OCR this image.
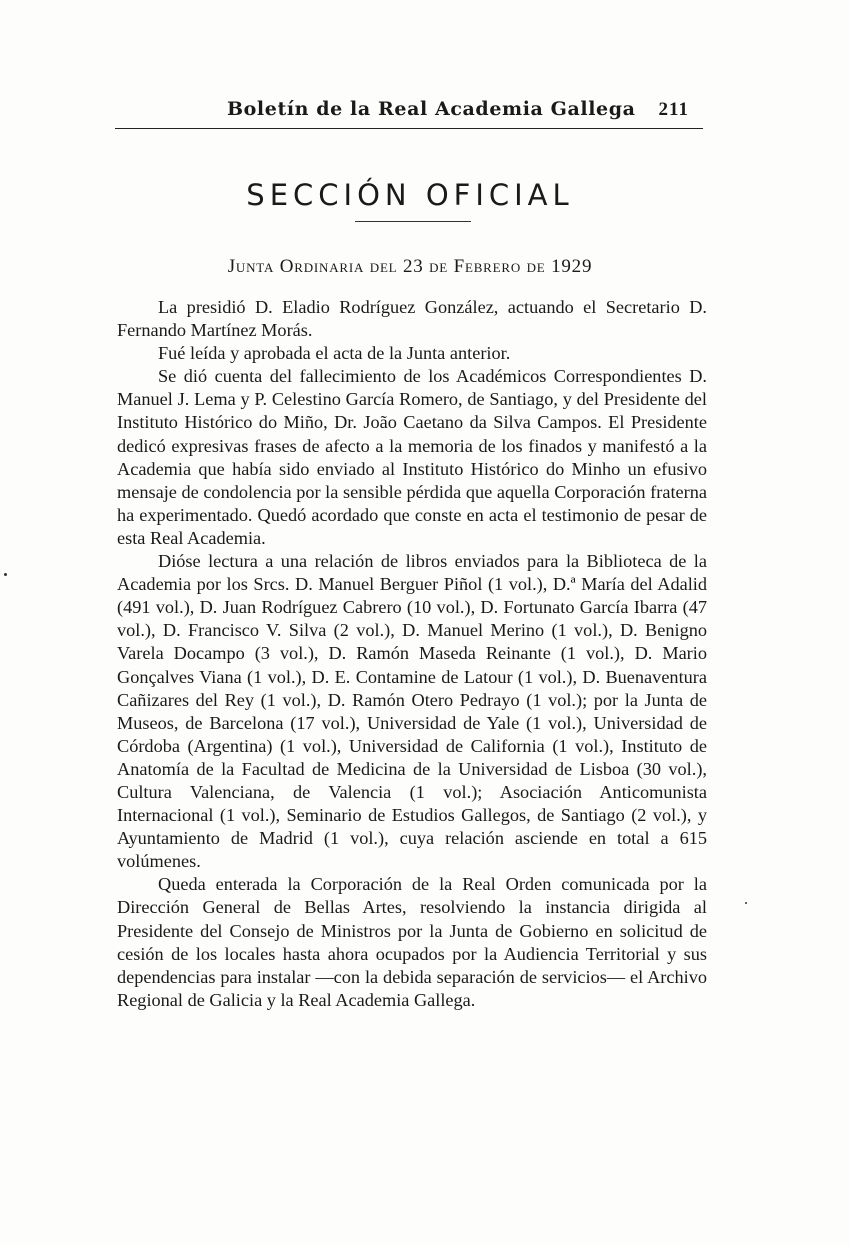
Boletín de la Real Academia Gallega 211
SECCIÓN OFICIAL
Junta Ordinaria del 23 de Febrero de 1929

La presidió D. Eladio Rodríguez González, actuando el Secretario D. Fernando Martínez Morás.

Fué leída y aprobada el acta de la Junta anterior.

Se dió cuenta del fallecimiento de los Académicos Correspondientes D. Manuel J. Lema y P. Celestino García Romero, de Santiago, y del Presidente del Instituto Histórico do Miño, Dr. João Caetano da Silva Campos. El Presidente dedicó expresivas frases de afecto a la memoria de los finados y manifestó a la Academia que había sido enviado al Instituto Histórico do Minho un efusivo mensaje de condolencia por la sensible pérdida que aquella Corporación fraterna ha experimentado. Quedó acordado que conste en acta el testimonio de pesar de esta Real Academia.

Dióse lectura a una relación de libros enviados para la Biblioteca de la Academia por los Srcs. D. Manuel Berguer Piñol (1 vol.), D.ª María del Adalid (491 vol.), D. Juan Rodríguez Cabrero (10 vol.), D. Fortunato García Ibarra (47 vol.), D. Francisco V. Silva (2 vol.), D. Manuel Merino (1 vol.), D. Benigno Varela Docampo (3 vol.), D. Ramón Maseda Reinante (1 vol.), D. Mario Gonçalves Viana (1 vol.), D. E. Contamine de Latour (1 vol.), D. Buenaventura Cañizares del Rey (1 vol.), D. Ramón Otero Pedrayo (1 vol.); por la Junta de Museos, de Barcelona (17 vol.), Universidad de Yale (1 vol.), Universidad de Córdoba (Argentina) (1 vol.), Universidad de California (1 vol.), Instituto de Anatomía de la Facultad de Medicina de la Universidad de Lisboa (30 vol.), Cultura Valenciana, de Valencia (1 vol.); Asociación Anticomunista Internacional (1 vol.), Seminario de Estudios Gallegos, de Santiago (2 vol.), y Ayuntamiento de Madrid (1 vol.), cuya relación asciende en total a 615 volúmenes.

Queda enterada la Corporación de la Real Orden comunicada por la Dirección General de Bellas Artes, resolviendo la instancia dirigida al Presidente del Consejo de Ministros por la Junta de Gobierno en solicitud de cesión de los locales hasta ahora ocupados por la Audiencia Territorial y sus dependencias para instalar —con la debida separación de servicios— el Archivo Regional de Galicia y la Real Academia Gallega.
